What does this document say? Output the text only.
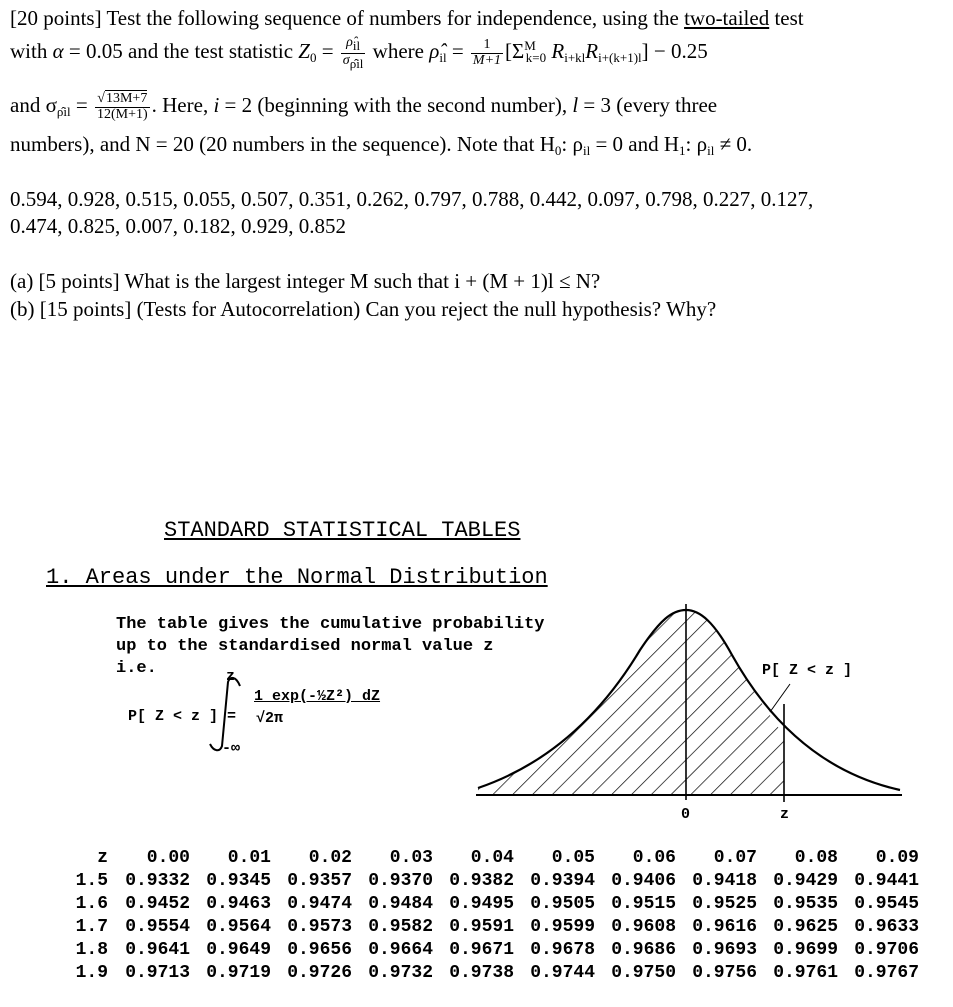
[20 points] Test the following sequence of numbers for independence, using the two-tailed test
with α = 0.05 and the test statistic $Z_0 = \frac{\rhôil}{\sigma\rhôil}$ where $\rhô_{il} = \frac{1}{M+1} [\Sigma^M_{k=0}$ $R_{i+kl}R_{i+(k+1)l}] - 0.25$
and $\sigma_{\rhôil} = \frac{√13M+7}{12(M+1)}$ . Here, i = 2 (beginning with the second number), l = 3 (every three
numbers), and N = 20 (20 numbers in the sequence). Note that $H_0$: $\rho_{il} = 0$ and $H_1$: $\rho_{il} \ne 0$.
0.594, 0.928, 0.515, 0.055, 0.507, 0.351, 0.262, 0.797, 0.788, 0.442, 0.097, 0.798, 0.227, 0.127,
0.474, 0.825, 0.007, 0.182, 0.929, 0.852
(a) [5 points] What is the largest integer M such that i + (M + 1)l ≤ N?
(b) [15 points] (Tests for Autocorrelation) Can you reject the null hypothesis? Why?
STANDARD STATISTICAL TABLES
1. Areas under the Normal Distribution
The table gives the cumulative probability
up to the standardised normal value z
i.e.
P[ Z < z ] =
z
-∞
1 exp(-½Z²) dZ
√2π
P[ Z < z ]
0	z
z	0.00	0.01	0.02	0.03	0.04	0.05	0.06	0.07	0.08	0.09
1.5	0.9332	0.9345	0.9357	0.9370	0.9382	0.9394	0.9406	0.9418	0.9429	0.9441
1.6	0.9452	0.9463	0.9474	0.9484	0.9495	0.9505	0.9515	0.9525	0.9535	0.9545
1.7	0.9554	0.9564	0.9573	0.9582	0.9591	0.9599	0.9608	0.9616	0.9625	0.9633
1.8	0.9641	0.9649	0.9656	0.9664	0.9671	0.9678	0.9686	0.9693	0.9699	0.9706
1.9	0.9713	0.9719	0.9726	0.9732	0.9738	0.9744	0.9750	0.9756	0.9761	0.9767
